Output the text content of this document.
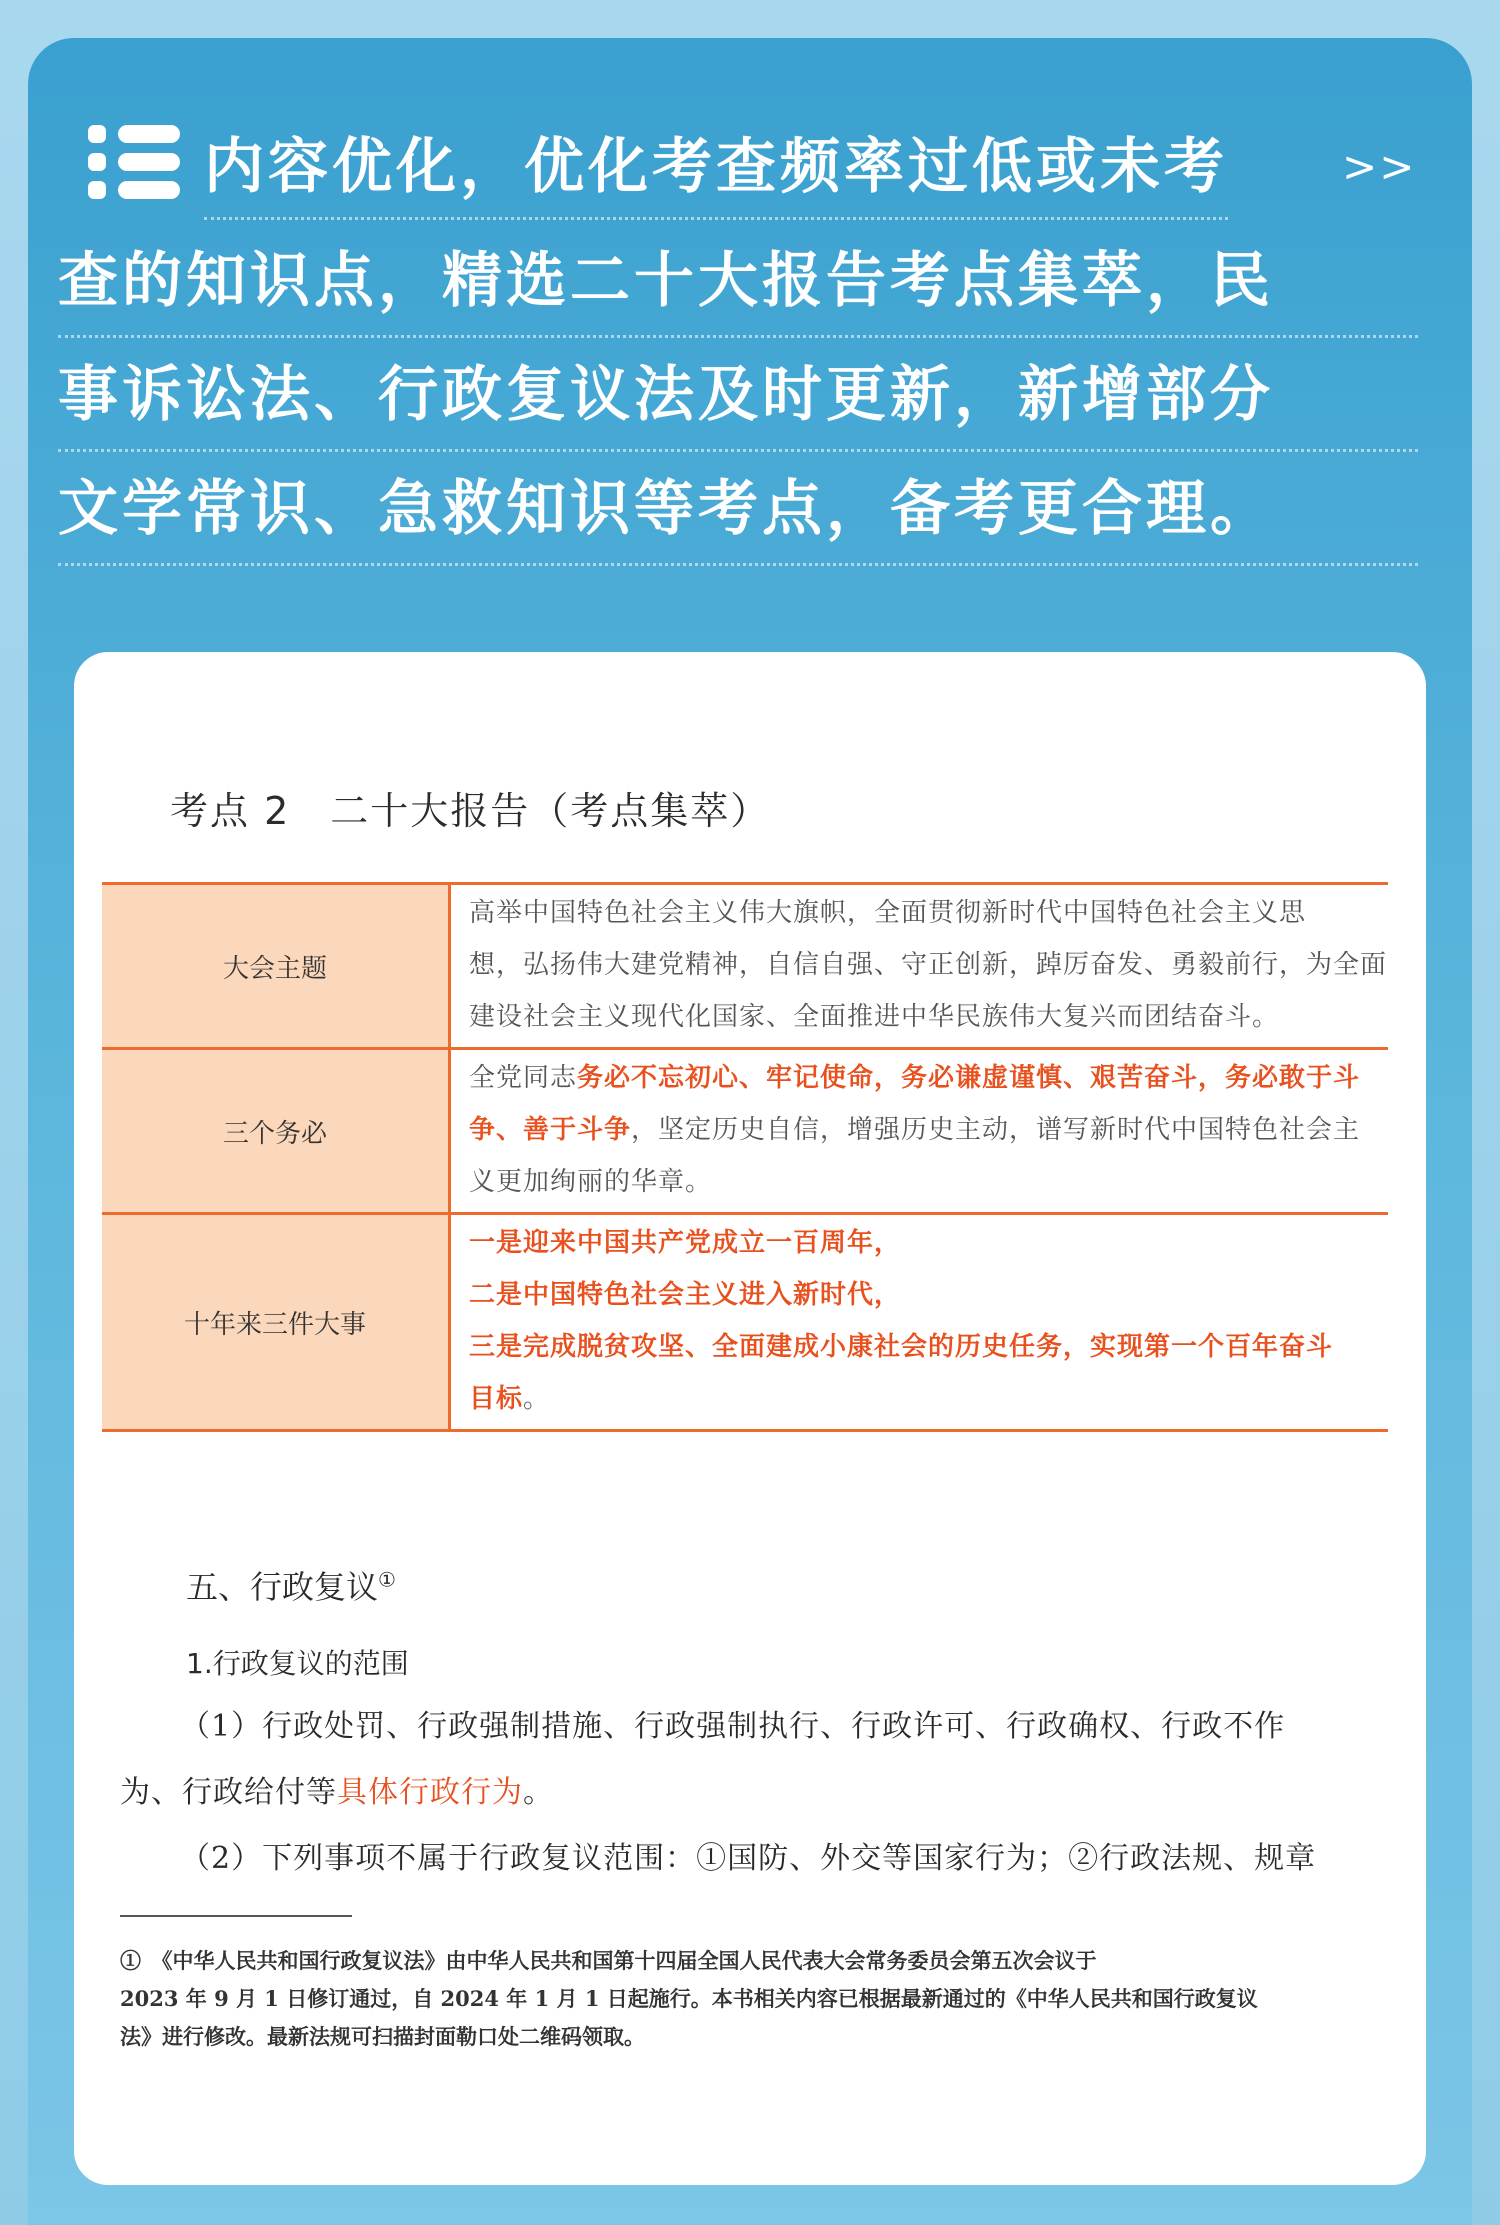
内容优化，优化考查频率过低或未考	>>
查的知识点，精选二十大报告考点集萃，民
事诉讼法、行政复议法及时更新，新增部分
文学常识、急救知识等考点，备考更合理。
考点 2　二十大报告（考点集萃）
大会主题	高举中国特色社会主义伟大旗帜，全面贯彻新时代中国特色社会主义思
想，弘扬伟大建党精神，自信自强、守正创新，踔厉奋发、勇毅前行，为全面
建设社会主义现代化国家、全面推进中华民族伟大复兴而团结奋斗。

三个务必	全党同志务必不忘初心、牢记使命，务必谦虚谨慎、艰苦奋斗，务必敢于斗
争、善于斗争，坚定历史自信，增强历史主动，谱写新时代中国特色社会主
义更加绚丽的华章。

十年来三件大事	一是迎来中国共产党成立一百周年，
二是中国特色社会主义进入新时代，
三是完成脱贫攻坚、全面建成小康社会的历史任务，实现第一个百年奋斗
目标。
五、行政复议①
1.行政复议的范围
（1）行政处罚、行政强制措施、行政强制执行、行政许可、行政确权、行政不作
为、行政给付等具体行政行为。
（2）下列事项不属于行政复议范围：①国防、外交等国家行为；②行政法规、规章
①　《中华人民共和国行政复议法》由中华人民共和国第十四届全国人民代表大会常务委员会第五次会议于
2023 年 9 月 1 日修订通过，自 2024 年 1 月 1 日起施行。本书相关内容已根据最新通过的《中华人民共和国行政复议
法》进行修改。最新法规可扫描封面勒口处二维码领取。
